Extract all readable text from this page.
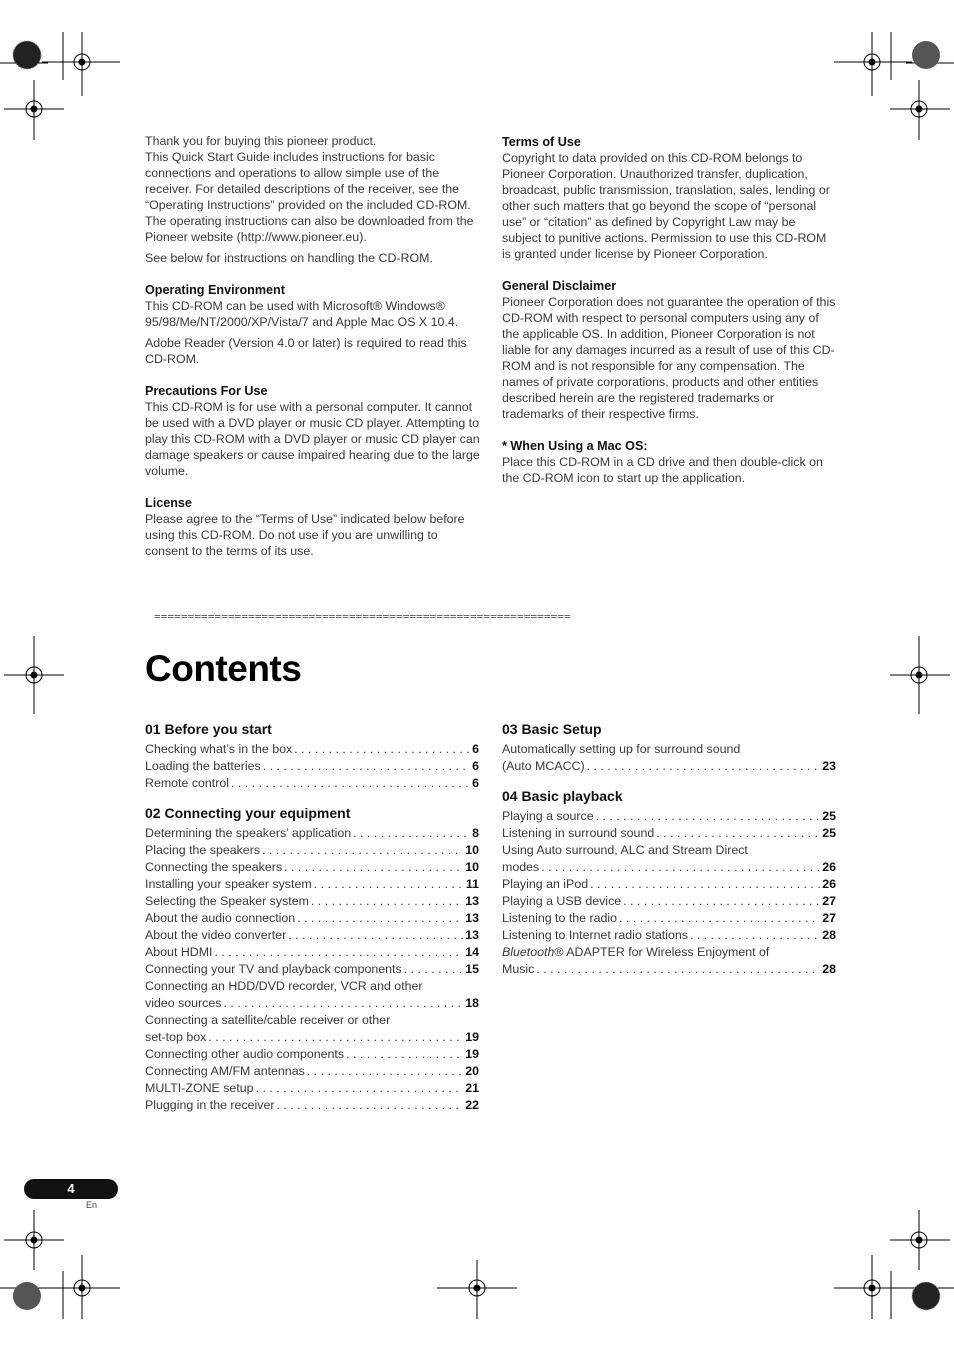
Thank you for buying this pioneer product.

This Quick Start Guide includes instructions for basic connections and operations to allow simple use of the receiver. For detailed descriptions of the receiver, see the “Operating Instructions” provided on the included CD-ROM. The operating instructions can also be downloaded from the Pioneer website (http://www.pioneer.eu).

See below for instructions on handling the CD-ROM.

Operating Environment

This CD-ROM can be used with Microsoft® Windows® 95/98/Me/NT/2000/XP/Vista/7 and Apple Mac OS X 10.4.

Adobe Reader (Version 4.0 or later) is required to read this CD-ROM.

Precautions For Use

This CD-ROM is for use with a personal computer. It cannot be used with a DVD player or music CD player. Attempting to play this CD-ROM with a DVD player or music CD player can damage speakers or cause impaired hearing due to the large volume.

License

Please agree to the “Terms of Use” indicated below before using this CD-ROM. Do not use if you are unwilling to consent to the terms of its use.

Terms of Use

Copyright to data provided on this CD-ROM belongs to Pioneer Corporation. Unauthorized transfer, duplication, broadcast, public transmission, translation, sales, lending or other such matters that go beyond the scope of “personal use” or “citation” as defined by Copyright Law may be subject to punitive actions. Permission to use this CD-ROM is granted under license by Pioneer Corporation.

General Disclaimer

Pioneer Corporation does not guarantee the operation of this CD-ROM with respect to personal computers using any of the applicable OS. In addition, Pioneer Corporation is not liable for any damages incurred as a result of use of this CD-ROM and is not responsible for any compensation. The names of private corporations, products and other entities described herein are the registered trademarks or trademarks of their respective firms.

* When Using a Mac OS:

Place this CD-ROM in a CD drive and then double-click on the CD-ROM icon to start up the application.

==============================================================
Contents
01 Before you start
Checking what’s in the box . . .	6
Loading the batteries . . .	6
Remote control . . .	6
02 Connecting your equipment
Determining the speakers’ application . . .	8
Placing the speakers . . .	10
Connecting the speakers . . .	10
Installing your speaker system . . .	11
Selecting the Speaker system . . .	13
About the audio connection . . .	13
About the video converter . . .	13
About HDMI . . .	14
Connecting your TV and playback components . . .	15
Connecting an HDD/DVD recorder, VCR and other
video sources . . .	18
Connecting a satellite/cable receiver or other
set-top box . . .	19
Connecting other audio components . . .	19
Connecting AM/FM antennas . . .	20
MULTI-ZONE setup . . .	21
Plugging in the receiver . . .	22
03 Basic Setup
Automatically setting up for surround sound
(Auto MCACC) . . .	23
04 Basic playback
Playing a source . . .	25
Listening in surround sound . . .	25
Using Auto surround, ALC and Stream Direct
modes . . .	26
Playing an iPod . . .	26
Playing a USB device . . .	27
Listening to the radio . . .	27
Listening to Internet radio stations . . .	28
Bluetooth® ADAPTER for Wireless Enjoyment of
Music . . .	28
4
En
